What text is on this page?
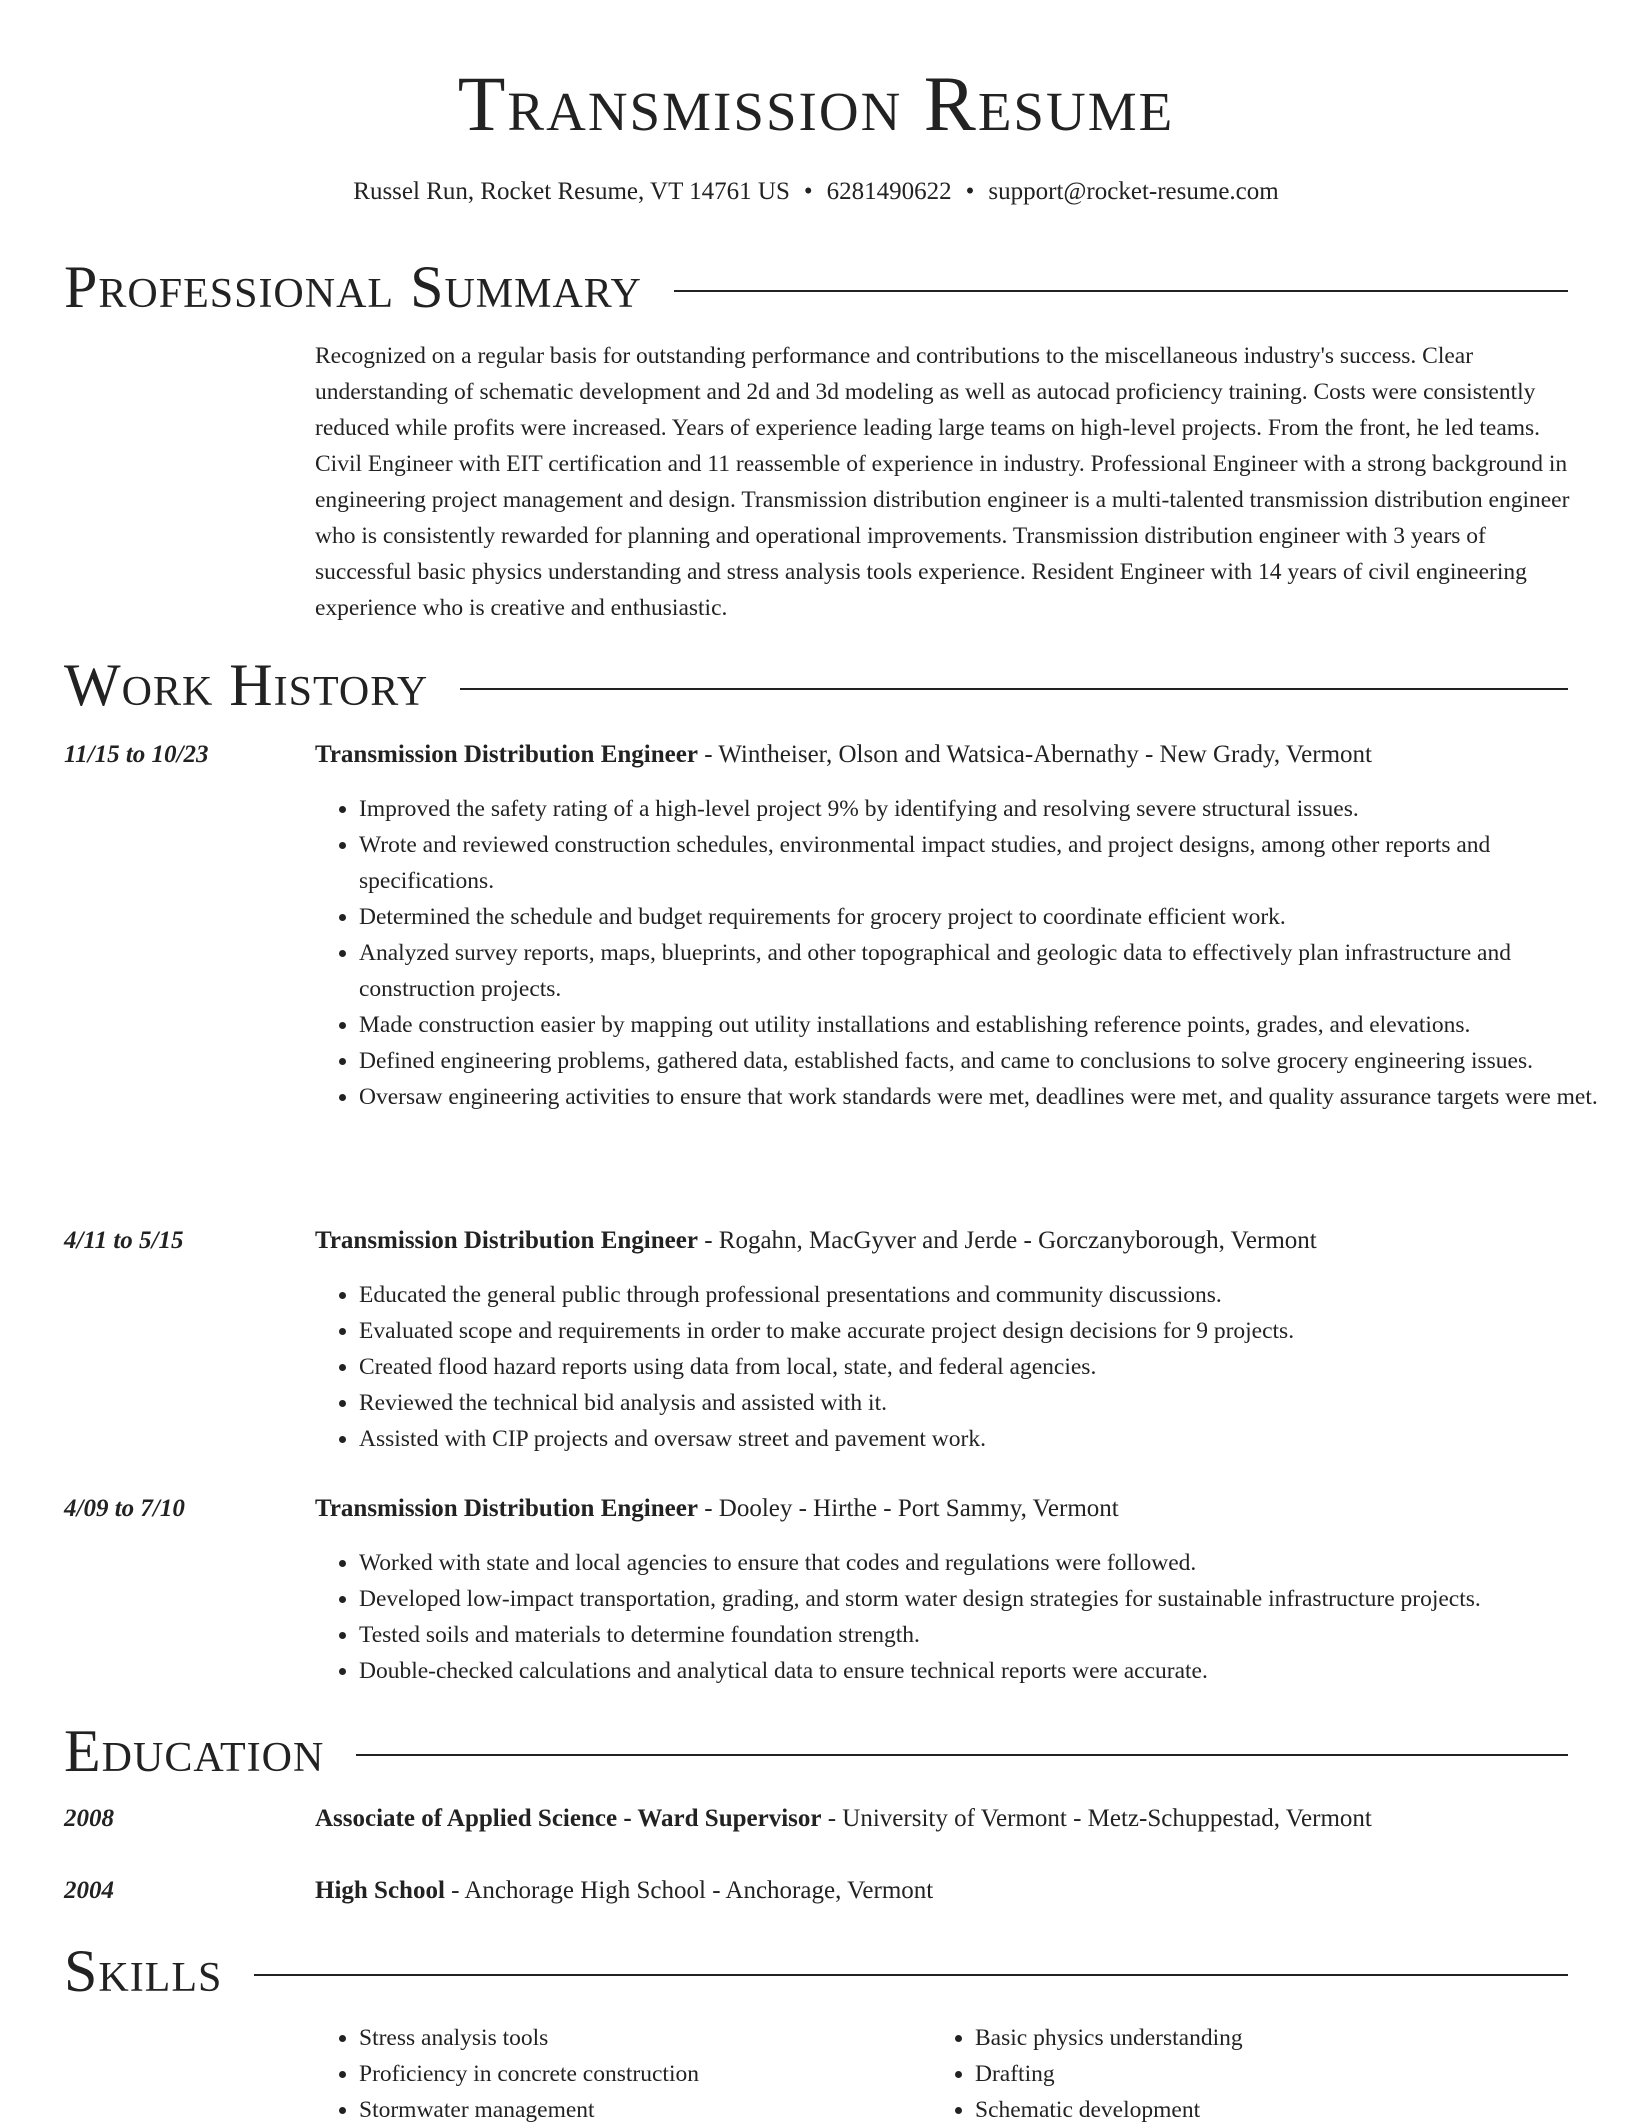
Transmission Resume
Russel Run, Rocket Resume, VT 14761 US • 6281490622 • support@rocket-resume.com
Professional Summary

Recognized on a regular basis for outstanding performance and contributions to the miscellaneous industry's success. Clear understanding of schematic development and 2d and 3d modeling as well as autocad proficiency training. Costs were consistently reduced while profits were increased. Years of experience leading large teams on high-level projects. From the front, he led teams. Civil Engineer with EIT certification and 11 reassemble of experience in industry. Professional Engineer with a strong background in engineering project management and design. Transmission distribution engineer is a multi-talented transmission distribution engineer who is consistently rewarded for planning and operational improvements. Transmission distribution engineer with 3 years of successful basic physics understanding and stress analysis tools experience. Resident Engineer with 14 years of civil engineering experience who is creative and enthusiastic.

Work History
11/15 to 10/23	Transmission Distribution Engineer - Wintheiser, Olson and Watsica-Abernathy - New Grady, Vermont
• Improved the safety rating of a high-level project 9% by identifying and resolving severe structural issues.
• Wrote and reviewed construction schedules, environmental impact studies, and project designs, among other reports and specifications.
• Determined the schedule and budget requirements for grocery project to coordinate efficient work.
• Analyzed survey reports, maps, blueprints, and other topographical and geologic data to effectively plan infrastructure and construction projects.
• Made construction easier by mapping out utility installations and establishing reference points, grades, and elevations.
• Defined engineering problems, gathered data, established facts, and came to conclusions to solve grocery engineering issues.
• Oversaw engineering activities to ensure that work standards were met, deadlines were met, and quality assurance targets were met.
4/11 to 5/15	Transmission Distribution Engineer - Rogahn, MacGyver and Jerde - Gorczanyborough, Vermont
• Educated the general public through professional presentations and community discussions.
• Evaluated scope and requirements in order to make accurate project design decisions for 9 projects.
• Created flood hazard reports using data from local, state, and federal agencies.
• Reviewed the technical bid analysis and assisted with it.
• Assisted with CIP projects and oversaw street and pavement work.
4/09 to 7/10	Transmission Distribution Engineer - Dooley - Hirthe - Port Sammy, Vermont
• Worked with state and local agencies to ensure that codes and regulations were followed.
• Developed low-impact transportation, grading, and storm water design strategies for sustainable infrastructure projects.
• Tested soils and materials to determine foundation strength.
• Double-checked calculations and analytical data to ensure technical reports were accurate.
Education
2008	Associate of Applied Science - Ward Supervisor - University of Vermont - Metz-Schuppestad, Vermont
2004	High School - Anchorage High School - Anchorage, Vermont
Skills
• Stress analysis tools
• Proficiency in concrete construction
• Stormwater management
• Basic physics understanding
• Drafting
• Schematic development
